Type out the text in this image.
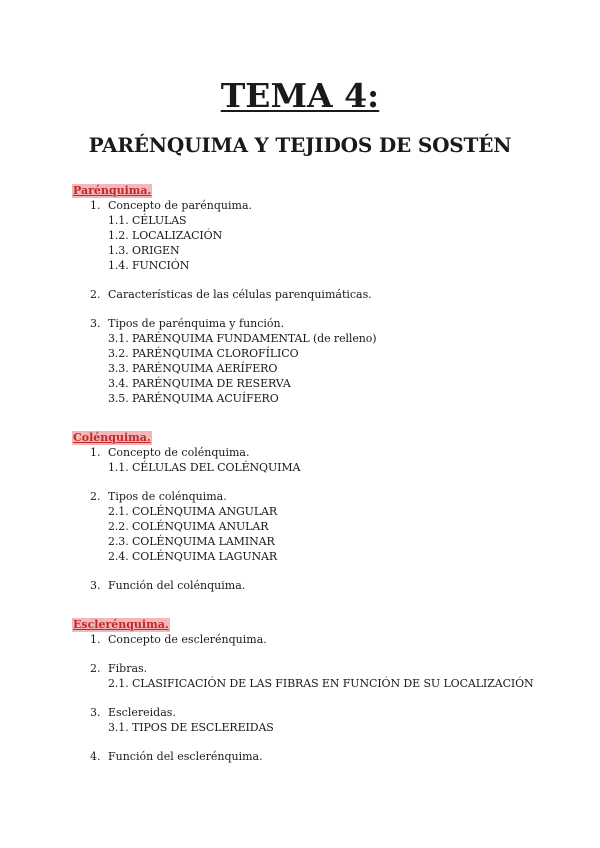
TEMA 4:
PARÉNQUIMA Y TEJIDOS DE SOSTÉN
Parénquima.
1. Concepto de parénquima.
1.1. CÉLULAS
1.2. LOCALIZACIÓN
1.3. ORIGEN
1.4. FUNCIÓN
2. Características de las células parenquimáticas.
3. Tipos de parénquima y función.
3.1. PARÉNQUIMA FUNDAMENTAL (de relleno)
3.2. PARÉNQUIMA CLOROFÍLICO
3.3. PARÉNQUIMA AERÍFERO
3.4. PARÉNQUIMA DE RESERVA
3.5. PARÉNQUIMA ACUÍFERO
Colénquima.
1. Concepto de colénquima.
1.1. CÉLULAS DEL COLÉNQUIMA
2. Tipos de colénquima.
2.1. COLÉNQUIMA ANGULAR
2.2. COLÉNQUIMA ANULAR
2.3. COLÉNQUIMA LAMINAR
2.4. COLÉNQUIMA LAGUNAR
3. Función del colénquima.
Esclerénquima.
1. Concepto de esclerénquima.
2. Fibras.
2.1. CLASIFICACIÓN DE LAS FIBRAS EN FUNCIÓN DE SU LOCALIZACIÓN
3. Esclereidas.
3.1. TIPOS DE ESCLEREIDAS
4. Función del esclerénquima.
